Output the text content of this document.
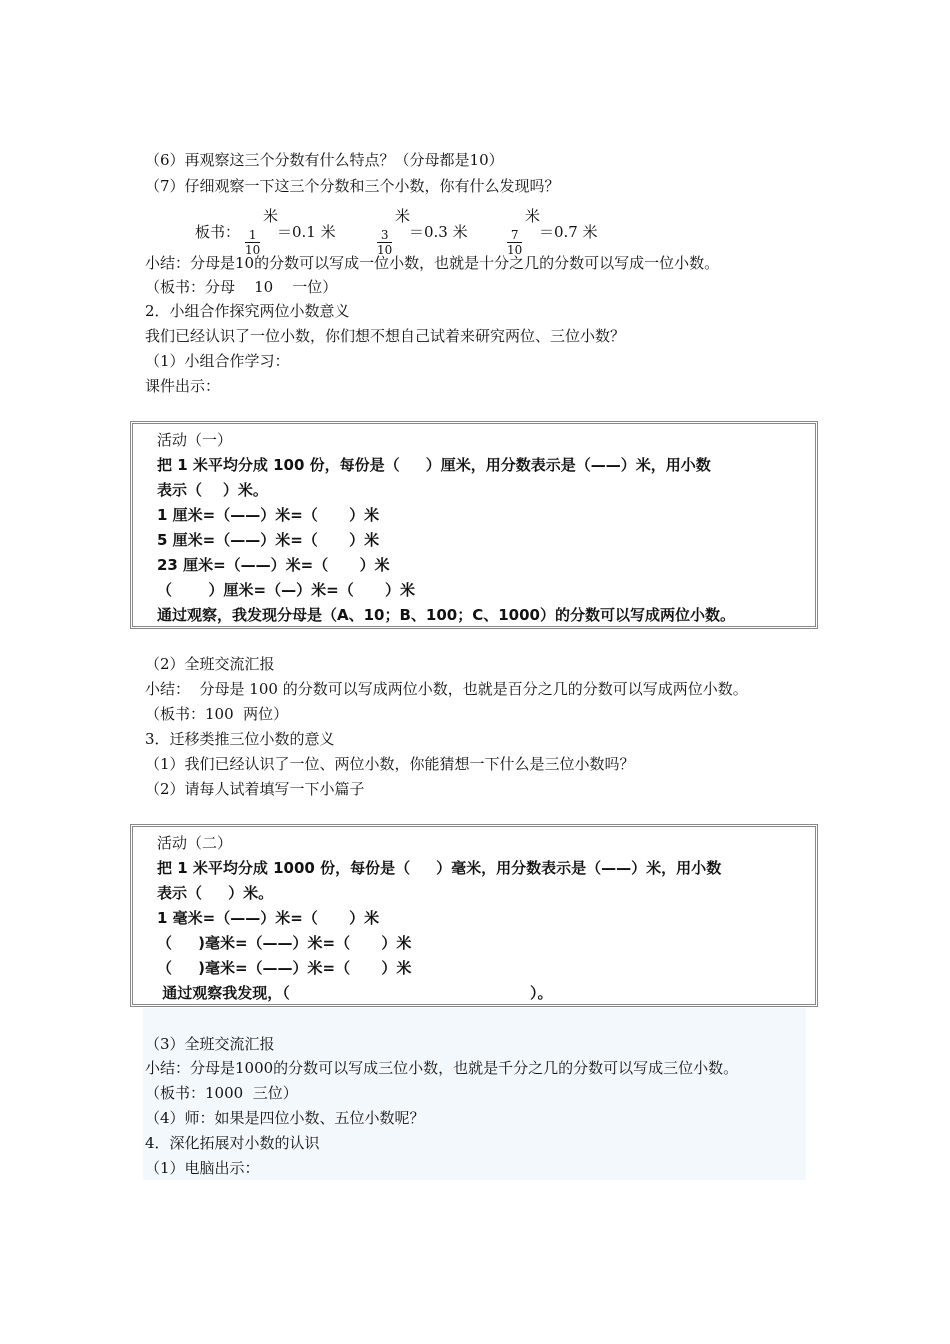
（6）再观察这三个分数有什么特点？（分母都是10）
（7）仔细观察一下这三个分数和三个小数，你有什么发现吗？

板书：

1
10

米

＝0.1 米

	3
10

米

＝0.3 米

	7
10

米

＝0.7 米

小结：分母是10的分数可以写成一位小数，也就是十分之几的分数可以写成一位小数。
（板书：分母    10    一位）
2．小组合作探究两位小数意义
我们已经认识了一位小数，你们想不想自己试着来研究两位、三位小数？
（1）小组合作学习：
课件出示：
活动（一）
把 1 米平均分成 100 份，每份是（     ）厘米，用分数表示是（——）米，用小数
表示（    ）米。
1 厘米=（——）米=（      ）米
5 厘米=（——）米=（      ）米
23 厘米=（——）米=（      ）米
（       ）厘米=（—）米=（      ）米
通过观察，我发现分母是（A、10；B、100；C、1000）的分数可以写成两位小数。
（2）全班交流汇报
小结：  分母是 100 的分数可以写成两位小数，也就是百分之几的分数可以写成两位小数。
（板书：100  两位）
3．迁移类推三位小数的意义
（1）我们已经认识了一位、两位小数，你能猜想一下什么是三位小数吗？
（2）请每人试着填写一下小篇子
活动（二）
把 1 米平均分成 1000 份，每份是（     ）毫米，用分数表示是（——）米，用小数
表示（     ）米。
1 毫米=（——）米=（      ）米
（     )毫米=（——）米=（      ）米
（     )毫米=（——）米=（      ）米
通过观察我发现，（                                              ）。
（3）全班交流汇报
小结：分母是1000的分数可以写成三位小数，也就是千分之几的分数可以写成三位小数。
（板书：1000  三位）
（4）师：如果是四位小数、五位小数呢？
4．深化拓展对小数的认识
（1）电脑出示：
